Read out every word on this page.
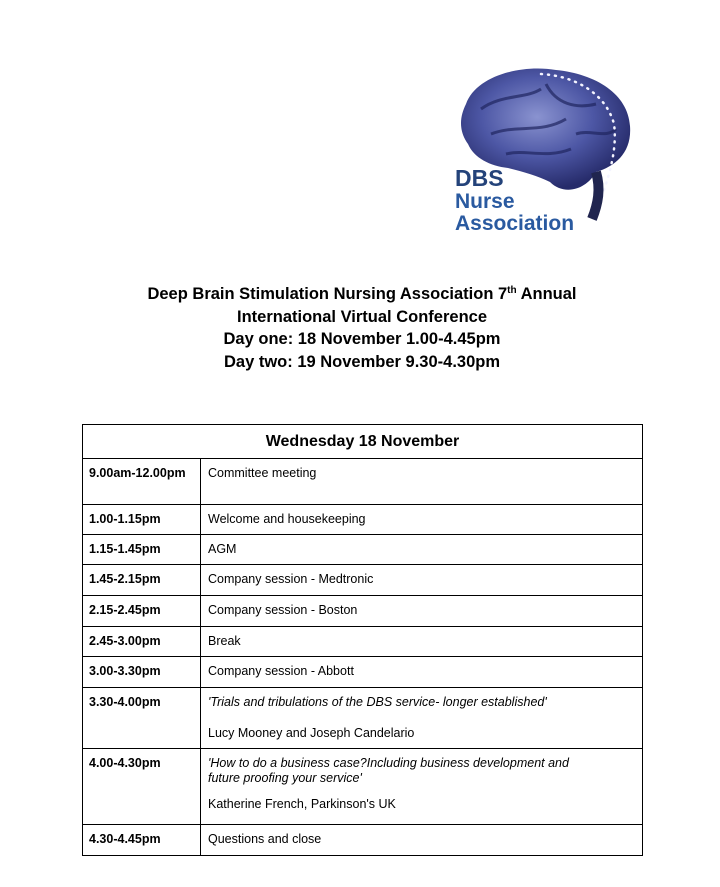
DBS
Nurse
Association
Deep Brain Stimulation Nursing Association 7th Annual
International Virtual Conference
Day one: 18 November 1.00-4.45pm
Day two: 19 November 9.30-4.30pm
Wednesday 18 November	
9.00am-12.00pm	Committee meeting
1.00-1.15pm	Welcome and housekeeping
1.15-1.45pm	AGM
1.45-2.15pm	Company session - Medtronic
2.15-2.45pm	Company session - Boston
2.45-3.00pm	Break
3.00-3.30pm	Company session - Abbott
3.30-4.00pm	'Trials and tribulations of the DBS service- longer established'
Lucy Mooney and Joseph Candelario

4.00-4.30pm	'How to do a business case?Including business development and
future proofing your service'
Katherine French, Parkinson's UK

4.30-4.45pm	Questions and close
